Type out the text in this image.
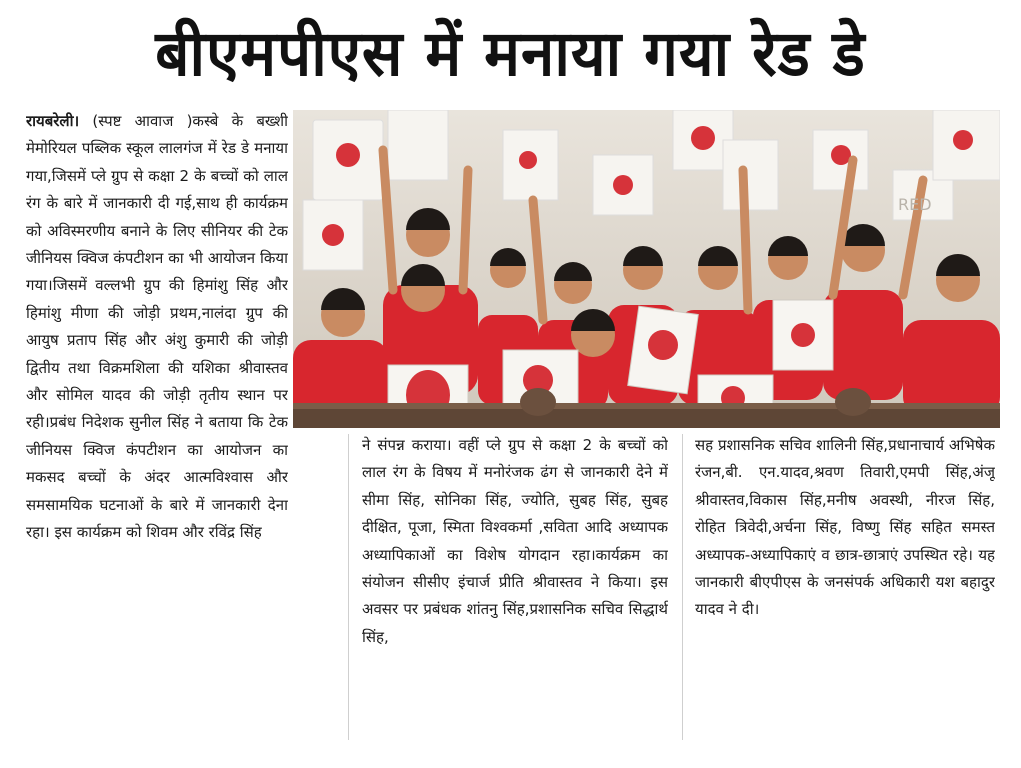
बीएमपीएस में मनाया गया रेड डे

रायबरेली। (स्पष्ट आवाज )कस्बे के बख्शी मेमोरियल पब्लिक स्कूल लालगंज में रेड डे मनाया गया,जिसमें प्ले ग्रुप से कक्षा 2 के बच्चों को लाल रंग के बारे में जानकारी दी गई,साथ ही कार्यक्रम को अविस्मरणीय बनाने के लिए सीनियर की टेक जीनियस क्विज कंपटीशन का भी आयोजन किया गया।जिसमें वल्लभी ग्रुप की हिमांशु सिंह और हिमांशु मीणा की जोड़ी प्रथम,नालंदा ग्रुप की आयुष प्रताप सिंह और अंशु कुमारी की जोड़ी द्वितीय तथा विक्रमशिला की यशिका श्रीवास्तव और सोमिल यादव की जोड़ी तृतीय स्थान पर रही।प्रबंध निदेशक सुनील सिंह ने बताया कि टेक जीनियस क्विज कंपटीशन का आयोजन का मकसद बच्चों के अंदर आत्मविश्वास और समसामयिक घटनाओं के बारे में जानकारी देना रहा। इस कार्यक्रम को शिवम और रविंद्र सिंह

RED

ने संपन्न कराया। वहीं प्ले ग्रुप से कक्षा 2 के बच्चों को लाल रंग के विषय में मनोरंजक ढंग से जानकारी देने में सीमा सिंह, सोनिका सिंह, ज्योति, सुबह सिंह, सुबह दीक्षित, पूजा, स्मिता विश्वकर्मा ,सविता आदि अध्यापक अध्यापिकाओं का विशेष योगदान रहा।कार्यक्रम का संयोजन सीसीए इंचार्ज प्रीति श्रीवास्तव ने किया। इस अवसर पर प्रबंधक शांतनु सिंह,प्रशासनिक सचिव सिद्धार्थ सिंह,

सह प्रशासनिक सचिव शालिनी सिंह,प्रधानाचार्य अभिषेक रंजन,बी. एन.यादव,श्रवण तिवारी,एमपी सिंह,अंजू श्रीवास्तव,विकास सिंह,मनीष अवस्थी, नीरज सिंह, रोहित त्रिवेदी,अर्चना सिंह, विष्णु सिंह सहित समस्त अध्यापक-अध्यापिकाएं व छात्र-छात्राएं उपस्थित रहे। यह जानकारी बीएपीएस के जनसंपर्क अधिकारी यश बहादुर यादव ने दी।
